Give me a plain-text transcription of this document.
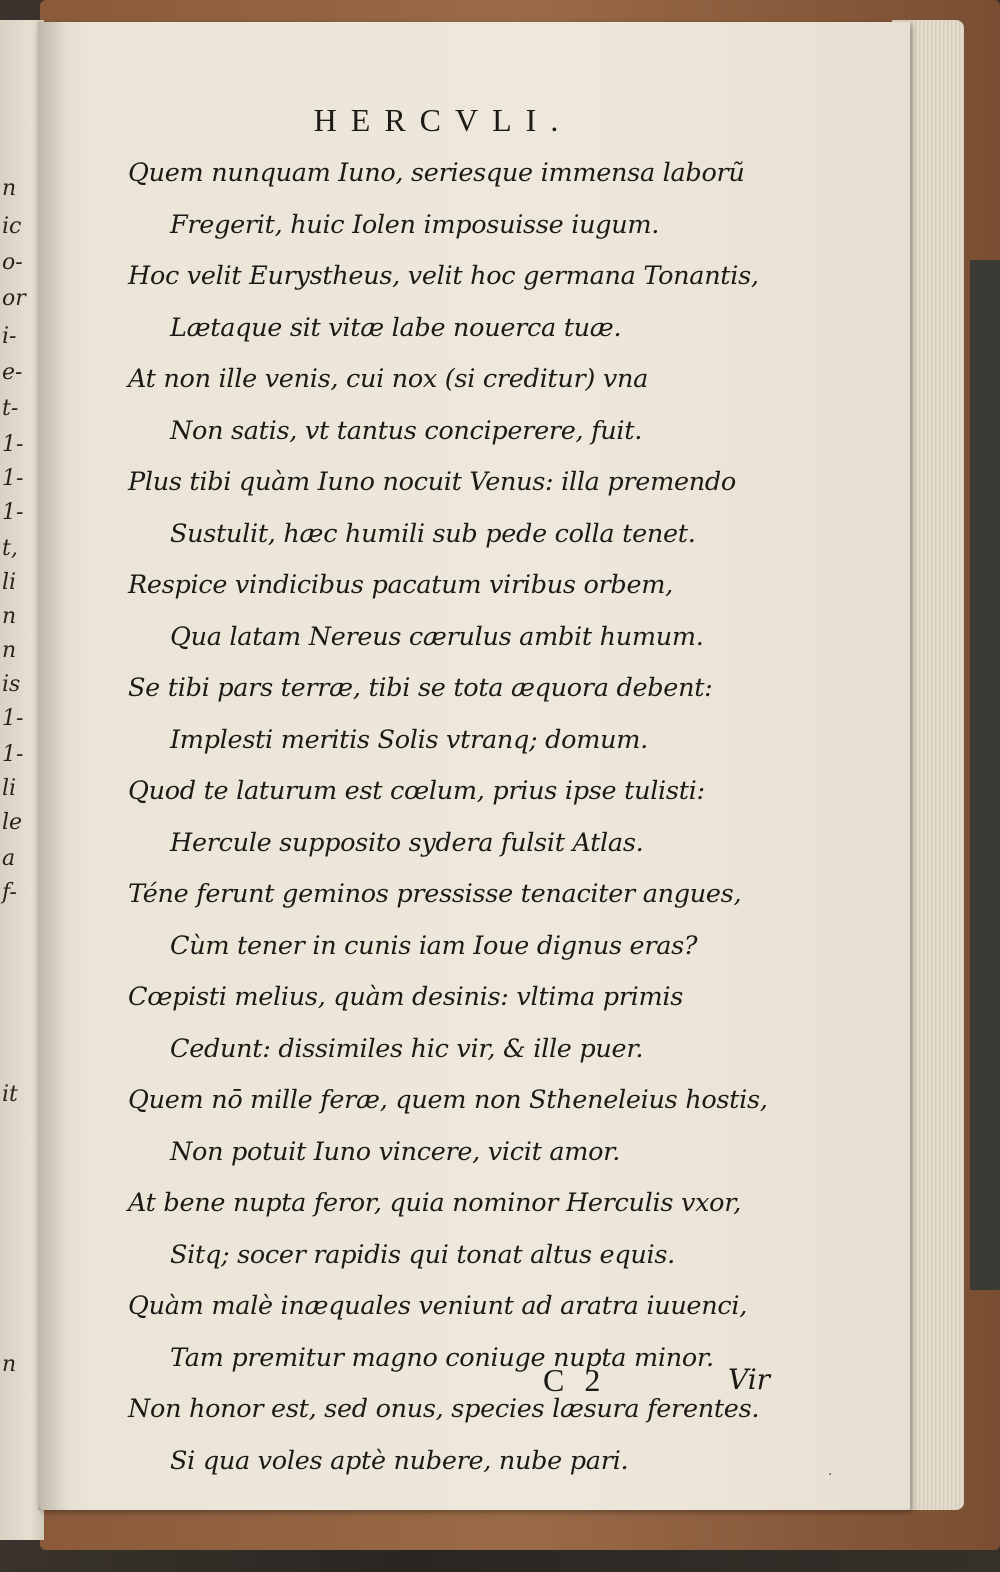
n
ic
o-
or
i-
e-
t-
1-
1-
1-
t,
li
n
n
is
1-
1-
li
le
a
f-
it
n
HERCVLI.
Quem nunquam Iuno, seriesque immensa laborũ
Fregerit, huic Iolen imposuisse iugum.
Hoc velit Eurystheus, velit hoc germana Tonantis,
Lætaque sit vitæ labe nouerca tuæ.
At non ille venis, cui nox (si creditur) vna
Non satis, vt tantus conciperere, fuit.
Plus tibi quàm Iuno nocuit Venus: illa premendo
Sustulit, hæc humili sub pede colla tenet.
Respice vindicibus pacatum viribus orbem,
Qua latam Nereus cærulus ambit humum.
Se tibi pars terræ, tibi se tota æquora debent:
Implesti meritis Solis vtranq; domum.
Quod te laturum est cœlum, prius ipse tulisti:
Hercule supposito sydera fulsit Atlas.
Téne ferunt geminos pressisse tenaciter angues,
Cùm tener in cunis iam Ioue dignus eras?
Cœpisti melius, quàm desinis: vltima primis
Cedunt: dissimiles hic vir, & ille puer.
Quem nō mille feræ, quem non Stheneleius hostis,
Non potuit Iuno vincere, vicit amor.
At bene nupta feror, quia nominor Herculis vxor,
Sitq; socer rapidis qui tonat altus equis.
Quàm malè inæquales veniunt ad aratra iuuenci,
Tam premitur magno coniuge nupta minor.
Non honor est, sed onus, species læsura ferentes.
Si qua voles aptè nubere, nube pari.
C 2	Vir
·
